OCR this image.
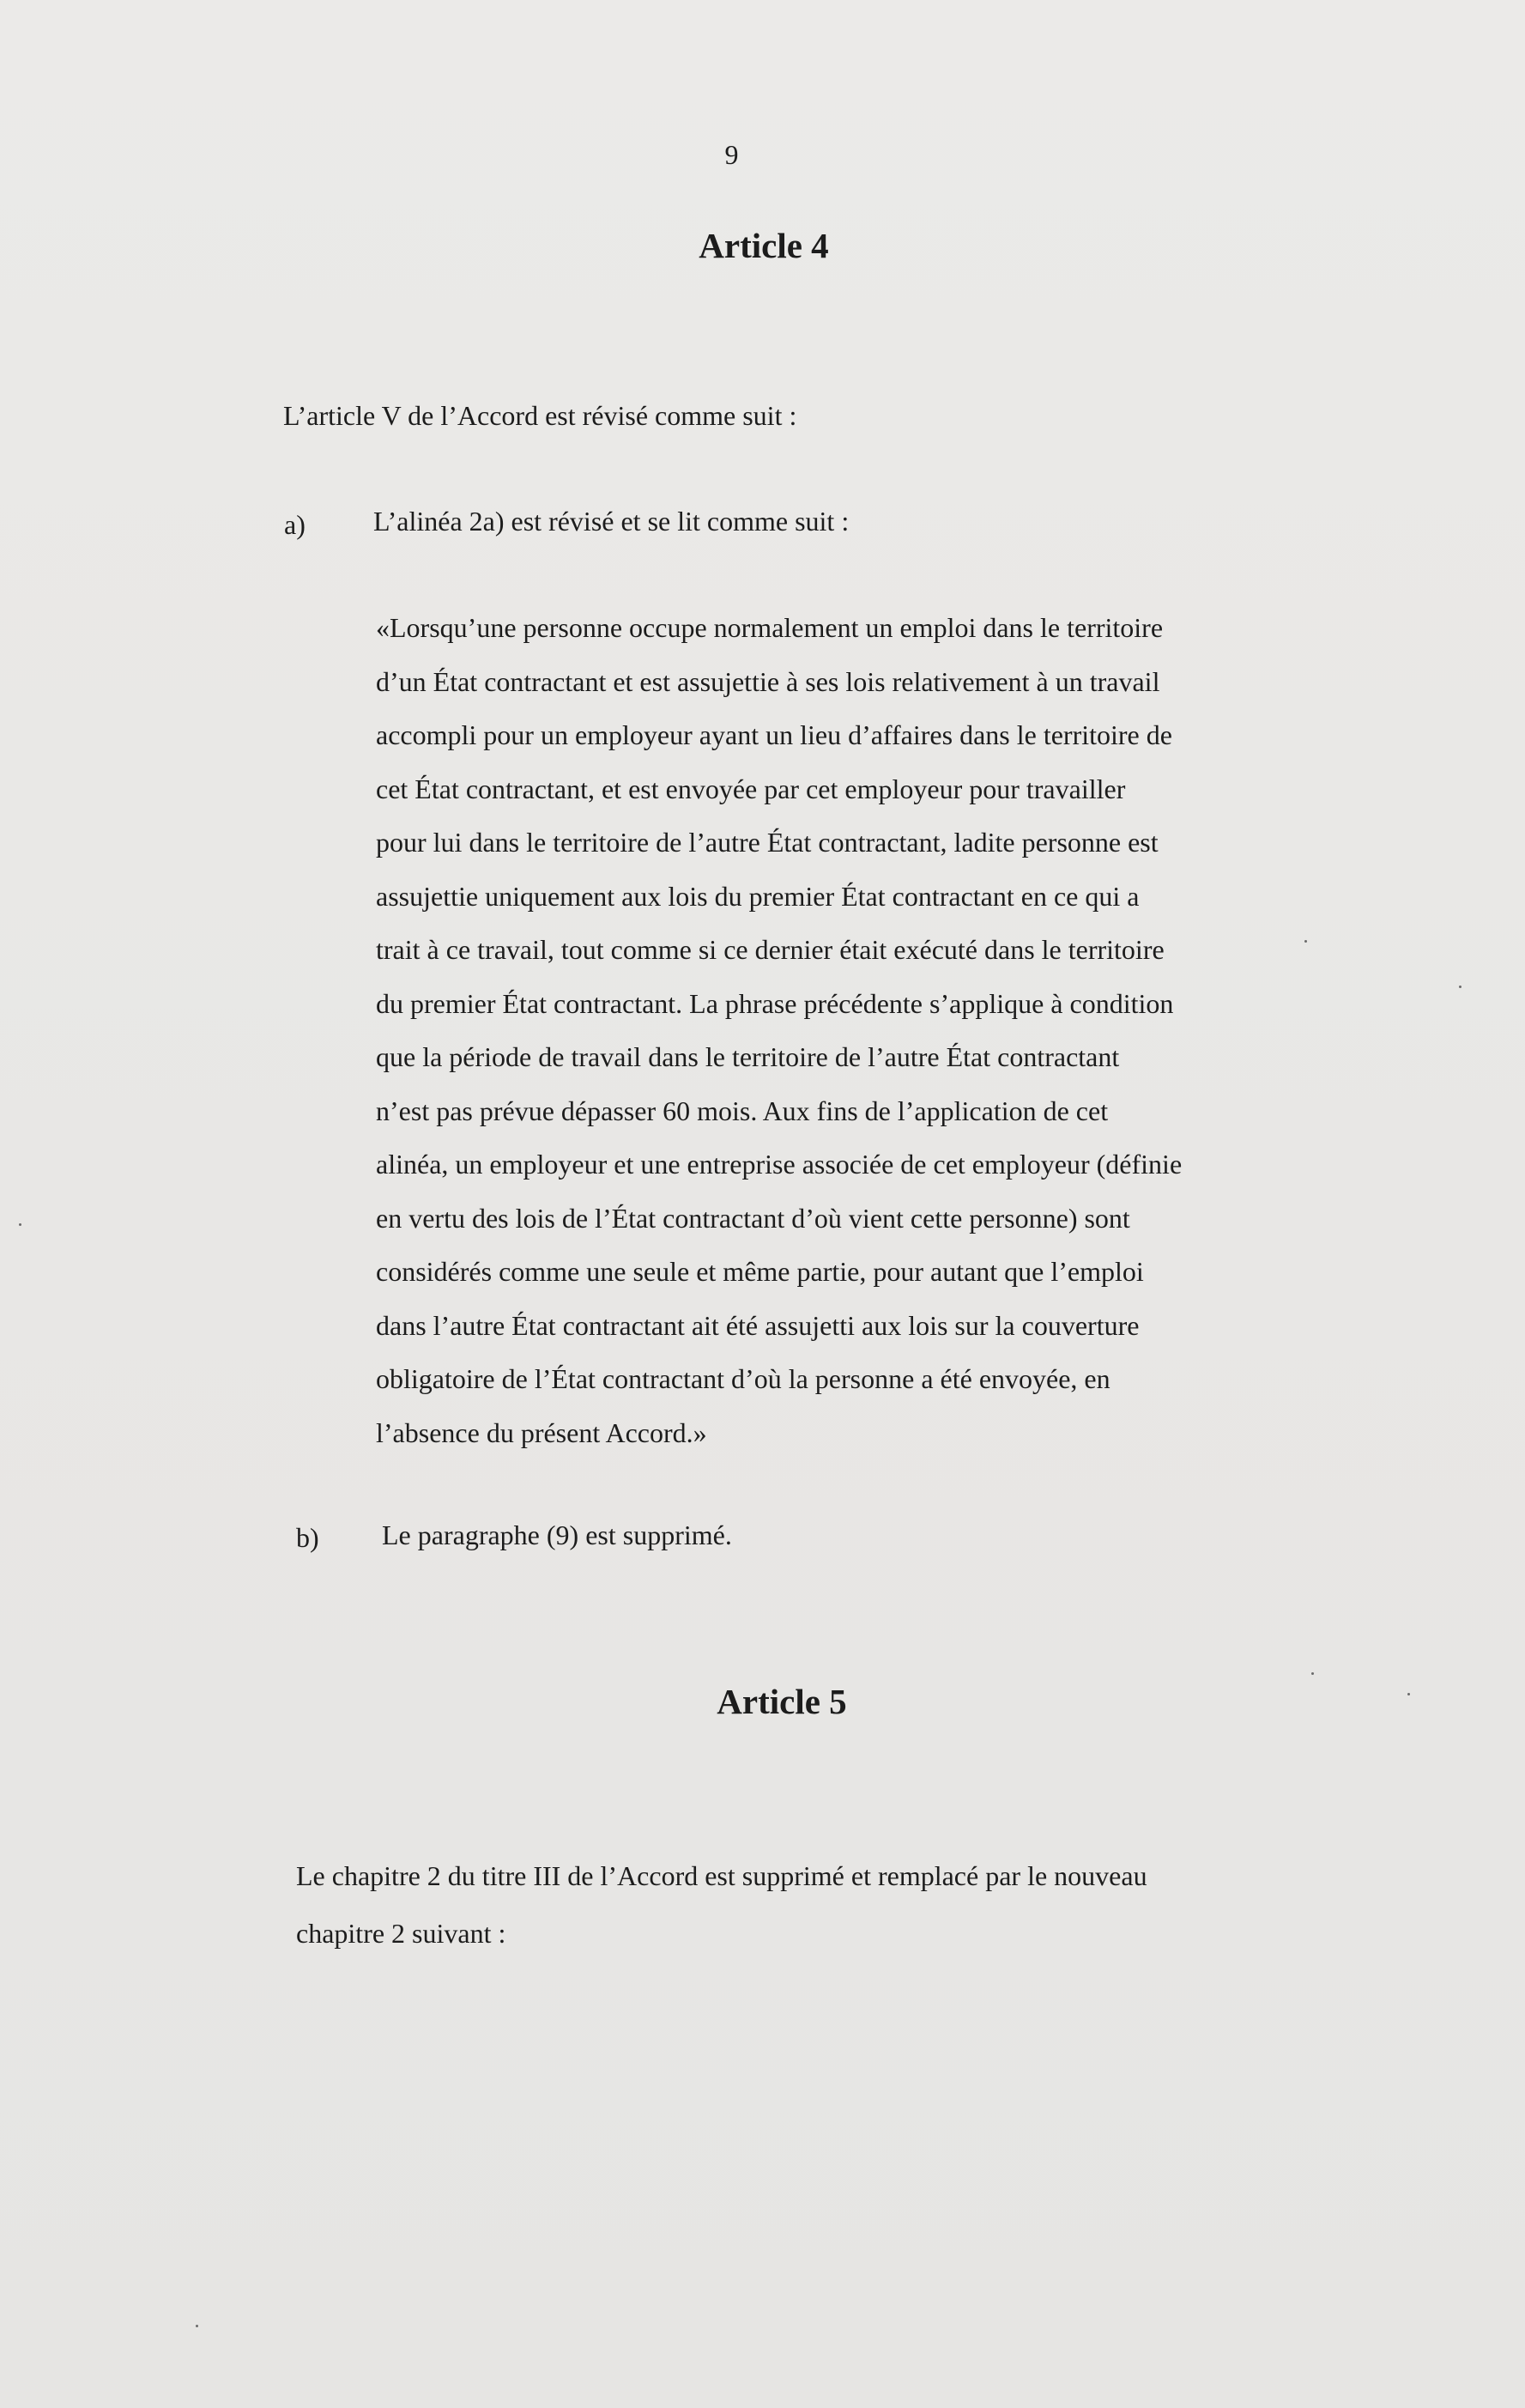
9
Article 4
L’article V de l’Accord est révisé comme suit :
a) L’alinéa 2a) est révisé et se lit comme suit :
«Lorsqu’une personne occupe normalement un emploi dans le territoire
d’un État contractant et est assujettie à ses lois relativement à un travail
accompli pour un employeur ayant un lieu d’affaires dans le territoire de
cet État contractant, et est envoyée par cet employeur pour travailler
pour lui dans le territoire de l’autre État contractant, ladite personne est
assujettie uniquement aux lois du premier État contractant en ce qui a
trait à ce travail, tout comme si ce dernier était exécuté dans le territoire
du premier État contractant. La phrase précédente s’applique à condition
que la période de travail dans le territoire de l’autre État contractant
n’est pas prévue dépasser 60 mois. Aux fins de l’application de cet
alinéa, un employeur et une entreprise associée de cet employeur (définie
en vertu des lois de l’État contractant d’où vient cette personne) sont
considérés comme une seule et même partie, pour autant que l’emploi
dans l’autre État contractant ait été assujetti aux lois sur la couverture
obligatoire de l’État contractant d’où la personne a été envoyée, en
l’absence du présent Accord.»
b) Le paragraphe (9) est supprimé.
Article 5
Le chapitre 2 du titre III de l’Accord est supprimé et remplacé par le nouveau
chapitre 2 suivant :
